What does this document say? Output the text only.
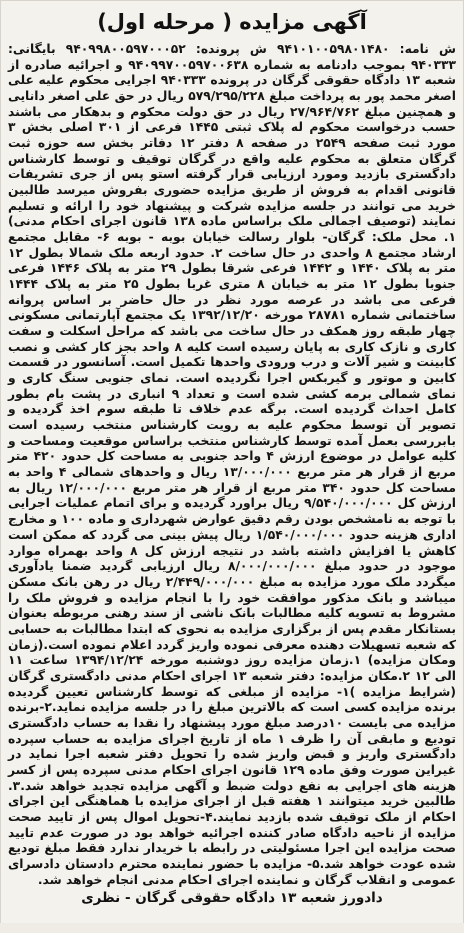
آگهی مزایده ( مرحله اول)
ش نامه: ۹۴۱۰۱۰۰۵۹۸۰۱۴۸۰ ش پرونده: ۹۴۰۹۹۸۰۰۵۹۷۰۰۰۵۲ بایگانی: ۹۴۰۳۳۳ بموجب دادنامه به شماره ۹۴۰۹۹۷۰۰۵۹۷۰۰۶۳۸ و اجرائیه صادره از شعبه ۱۳ دادگاه حقوقی گرگان در پرونده ۹۴۰۳۳۳ اجرایی محکوم علیه علی اصغر محمد پور به پرداخت مبلغ ۵۷۹/۲۹۵/۲۲۸ ریال در حق علی اصغر دانایی و همچنین مبلغ ۲۷/۹۶۴/۷۶۲ ریال در حق دولت محکوم و بدهکار می باشند حسب درخواست محکوم له پلاک ثبتی ۱۴۴۵ فرعی از ۳۰۱ اصلی بخش ۳ مورد ثبت صفحه ۲۵۴۹ در صفحه ۸ دفتر ۱۲ دفاتر بخش سه حوزه ثبت گرگان متعلق به محکوم علیه واقع در گرگان توقیف و توسط کارشناس دادگستری بازدید ومورد ارزیابی قرار گرفته استو پس از جری تشریفات قانونی اقدام به فروش از طریق مزایده حضوری بفروش میرسد طالبین خرید می توانند در جلسه مزایده شرکت و پیشنهاد خود را ارائه و تسلیم نمایند (توصیف اجمالی ملک براساس ماده ۱۳۸ قانون اجرای احکام مدنی) ۱. محل ملک: گرگان- بلوار رسالت خیابان بوبه - بوبه ۶- مقابل مجتمع ارشاد مجتمع ۸ واحدی در حال ساخت ۲. حدود اربعه ملک شمالا بطول ۱۲ متر به پلاک ۱۴۴۰ و ۱۴۴۲ فرعی شرقا بطول ۲۹ متر به پلاک ۱۴۴۶ فرعی جنوبا بطول ۱۲ متر به خیابان ۸ متری غربا بطول ۲۵ متر به پلاک ۱۴۴۴ فرعی می باشد در عرصه مورد نظر در حال حاضر بر اساس پروانه ساختمانی شماره ۲۸۷۸۱ مورخه ۱۳۹۲/۱۲/۲۰ یک مجتمع آپارتمانی مسکونی چهار طبقه روز همکف در حال ساخت می باشد که مراحل اسکلت و سفت کاری و نازک کاری به پایان رسیده است کلیه ۸ واحد بجز کار کشی و نصب کابینت و شیر آلات و درب ورودی واحدها تکمیل است. آسانسور در قسمت کابین و موتور و گیربکس اجرا نگردیده است. نمای جنوبی سنگ کاری و نمای شمالی برمه کشی شده است و تعداد ۹ انباری در پشت بام بطور کامل احداث گردیده است. برگه عدم خلاف تا طبقه سوم اخذ گردیده و تصویر آن توسط محکوم علیه به رویت کارشناس منتخب رسیده است بابررسی بعمل آمده توسط کارشناس منتخب براساس موقعیت ومساحت و کلیه عوامل در موضوع ارزش ۴ واحد جنوبی به مساحت کل حدود ۴۲۰ متر مربع از قرار هر متر مربع ۱۳/۰۰۰/۰۰۰ ریال و واحدهای شمالی ۴ واحد به مساحت کل حدود ۳۴۰ متر مربع از قرار هر متر مربع ۱۲/۰۰۰/۰۰۰ ریال به ارزش کل ۹/۵۴۰/۰۰۰/۰۰۰ ریال براورد گردیده و برای اتمام عملیات اجرایی با توجه به نامشخص بودن رقم دقیق عوارض شهرداری و ماده ۱۰۰ و مخارج اداری هزینه حدود ۱/۵۴۰/۰۰۰/۰۰۰ ریال پیش بینی می گردد که ممکن است کاهش یا افزایش داشته باشد در نتیجه ارزش کل ۸ واحد بهمراه موارد موجود در حدود مبلغ ۸/۰۰۰/۰۰۰/۰۰۰ ریال ارزیابی گردید ضمنا یادآوری میگردد ملک مورد مزایده به مبلغ ۲/۴۴۹/۰۰۰/۰۰۰ ریال در رهن بانک مسکن میباشد و بانک مذکور موافقت خود را با انجام مزایده و فروش ملک را مشروط به تسویه کلیه مطالبات بانک ناشی از سند رهنی مربوطه بعنوان بستانکار مقدم پس از برگزاری مزایده به نحوی که ابتدا مطالبات به حسابی که شعبه تسهیلات دهنده معرفی نموده واریز گردد اعلام نموده است.(زمان ومکان مزایده) ۱.زمان مزایده روز دوشنبه مورخه ۱۳۹۴/۱۲/۲۴ ساعت ۱۱ الی ۱۲ ۲.مکان مزایده: دفتر شعبه ۱۳ اجرای احکام مدنی دادگستری گرگان (شرایط مزایده )۱- مزایده از مبلغی که توسط کارشناس تعیین گردیده برنده مزایده کسی است که بالاترین مبلغ را در جلسه مزایده نماید.۲-برنده مزایده می بایست ۱۰درصد مبلغ مورد پیشنهاد را نقدا به حساب دادگستری تودیع و مابقی آن را ظرف ۱ ماه از تاریخ اجرای مزایده به حساب سپرده دادگستری واریز و قبض واریز شده را تحویل دفتر شعبه اجرا نماید در غیراین صورت وفق ماده ۱۲۹ قانون اجرای احکام مدنی سپرده پس از کسر هزینه های اجرایی به نفع دولت ضبط و آگهی مزایده تجدید خواهد شد.۳. طالبین خرید میتوانند ۱ هفته قبل از اجرای مزایده با هماهنگی این اجرای احکام از ملک توقیف شده بازدید نمایند.۴-تحویل اموال پس از تایید صحت مزایده از ناحیه دادگاه صادر کننده اجرائیه خواهد بود در صورت عدم تایید صحت مزایده این اجرا مسئولیتی در رابطه با خریدار ندارد فقط مبلغ تودیع شده عودت خواهد شد.۵- مزایده با حضور نماینده محترم دادستان دادسرای عمومی و انقلاب گرگان و نماینده اجرای احکام مدنی انجام خواهد شد.
دادورز شعبه ۱۳ دادگاه حقوقی گرگان - نظری
